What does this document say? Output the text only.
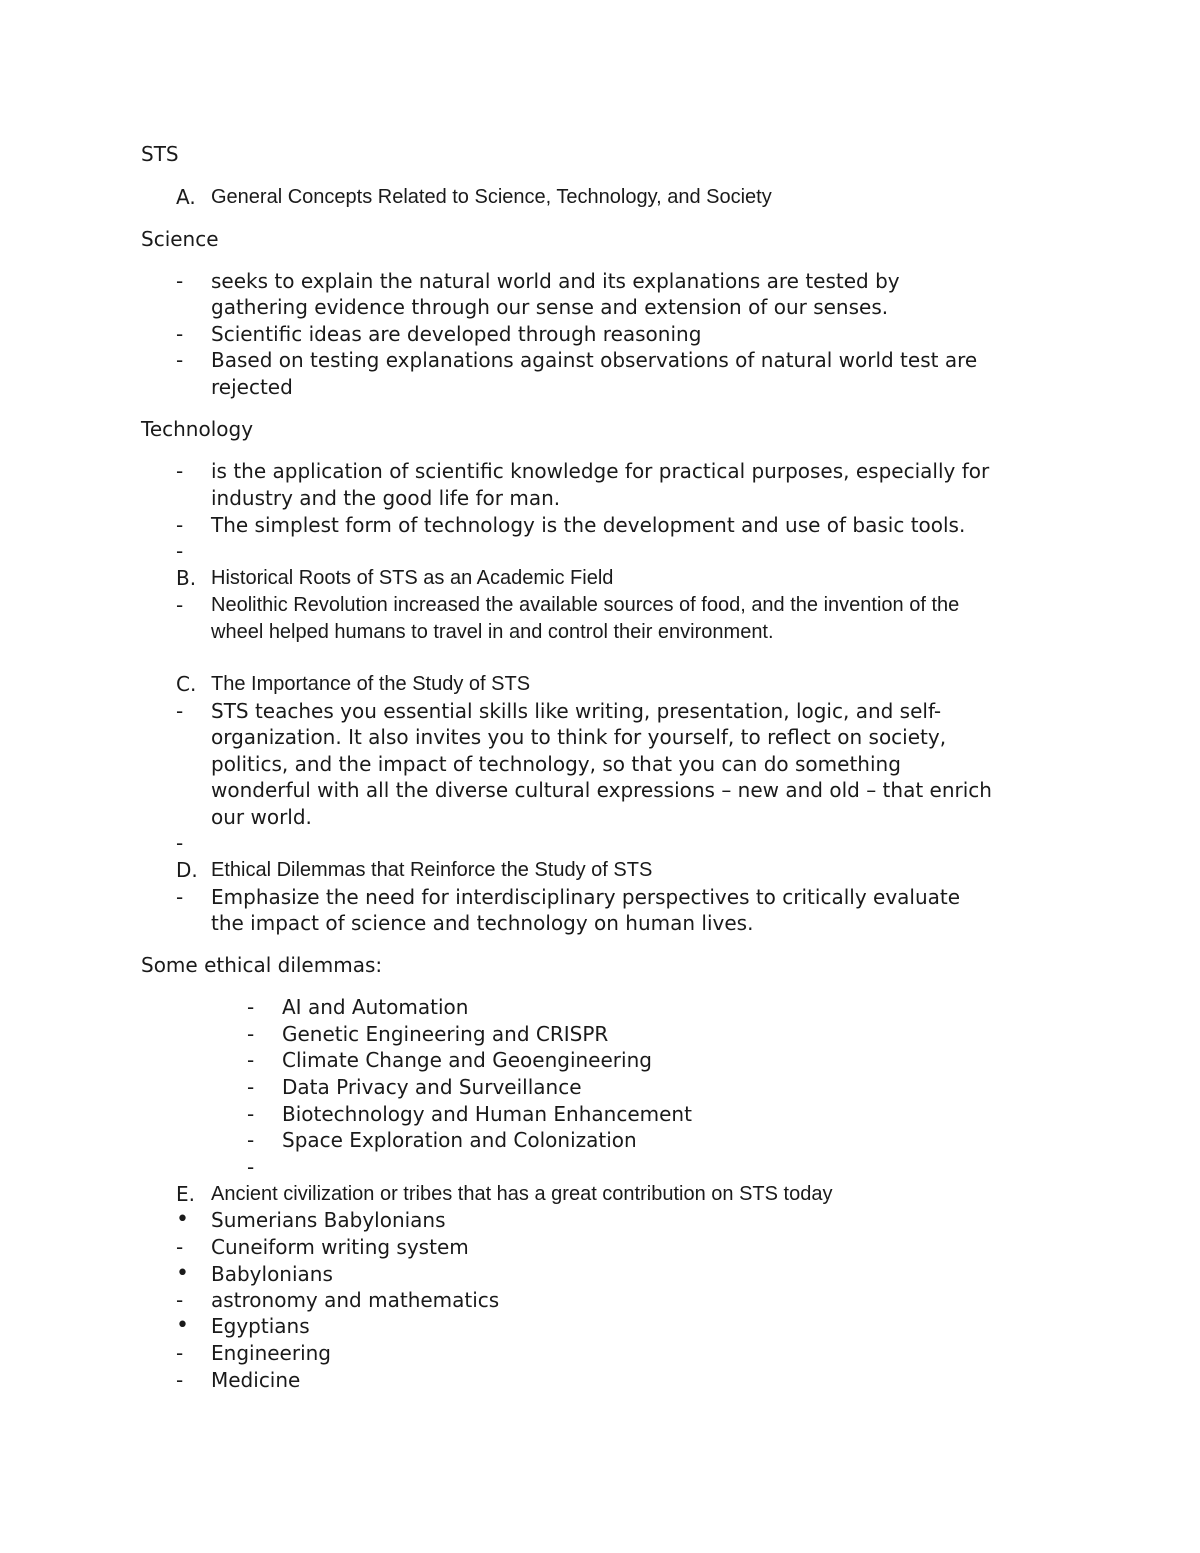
STS
A. General Concepts Related to Science, Technology, and Society
Science
- seeks to explain the natural world and its explanations are tested by
gathering evidence through our sense and extension of our senses.
- Scientific ideas are developed through reasoning
- Based on testing explanations against observations of natural world test are
rejected
Technology
- is the application of scientific knowledge for practical purposes, especially for
industry and the good life for man.
- The simplest form of technology is the development and use of basic tools.
-
B. Historical Roots of STS as an Academic Field
- Neolithic Revolution increased the available sources of food, and the invention of the
wheel helped humans to travel in and control their environment.
C. The Importance of the Study of STS
- STS teaches you essential skills like writing, presentation, logic, and self-
organization. It also invites you to think for yourself, to reflect on society,
politics, and the impact of technology, so that you can do something
wonderful with all the diverse cultural expressions – new and old – that enrich
our world.
-
D. Ethical Dilemmas that Reinforce the Study of STS
- Emphasize the need for interdisciplinary perspectives to critically evaluate
the impact of science and technology on human lives.
Some ethical dilemmas:
- AI and Automation
- Genetic Engineering and CRISPR
- Climate Change and Geoengineering
- Data Privacy and Surveillance
- Biotechnology and Human Enhancement
- Space Exploration and Colonization
-
E. Ancient civilization or tribes that has a great contribution on STS today
• Sumerians Babylonians
- Cuneiform writing system
• Babylonians
- astronomy and mathematics
• Egyptians
- Engineering
- Medicine
